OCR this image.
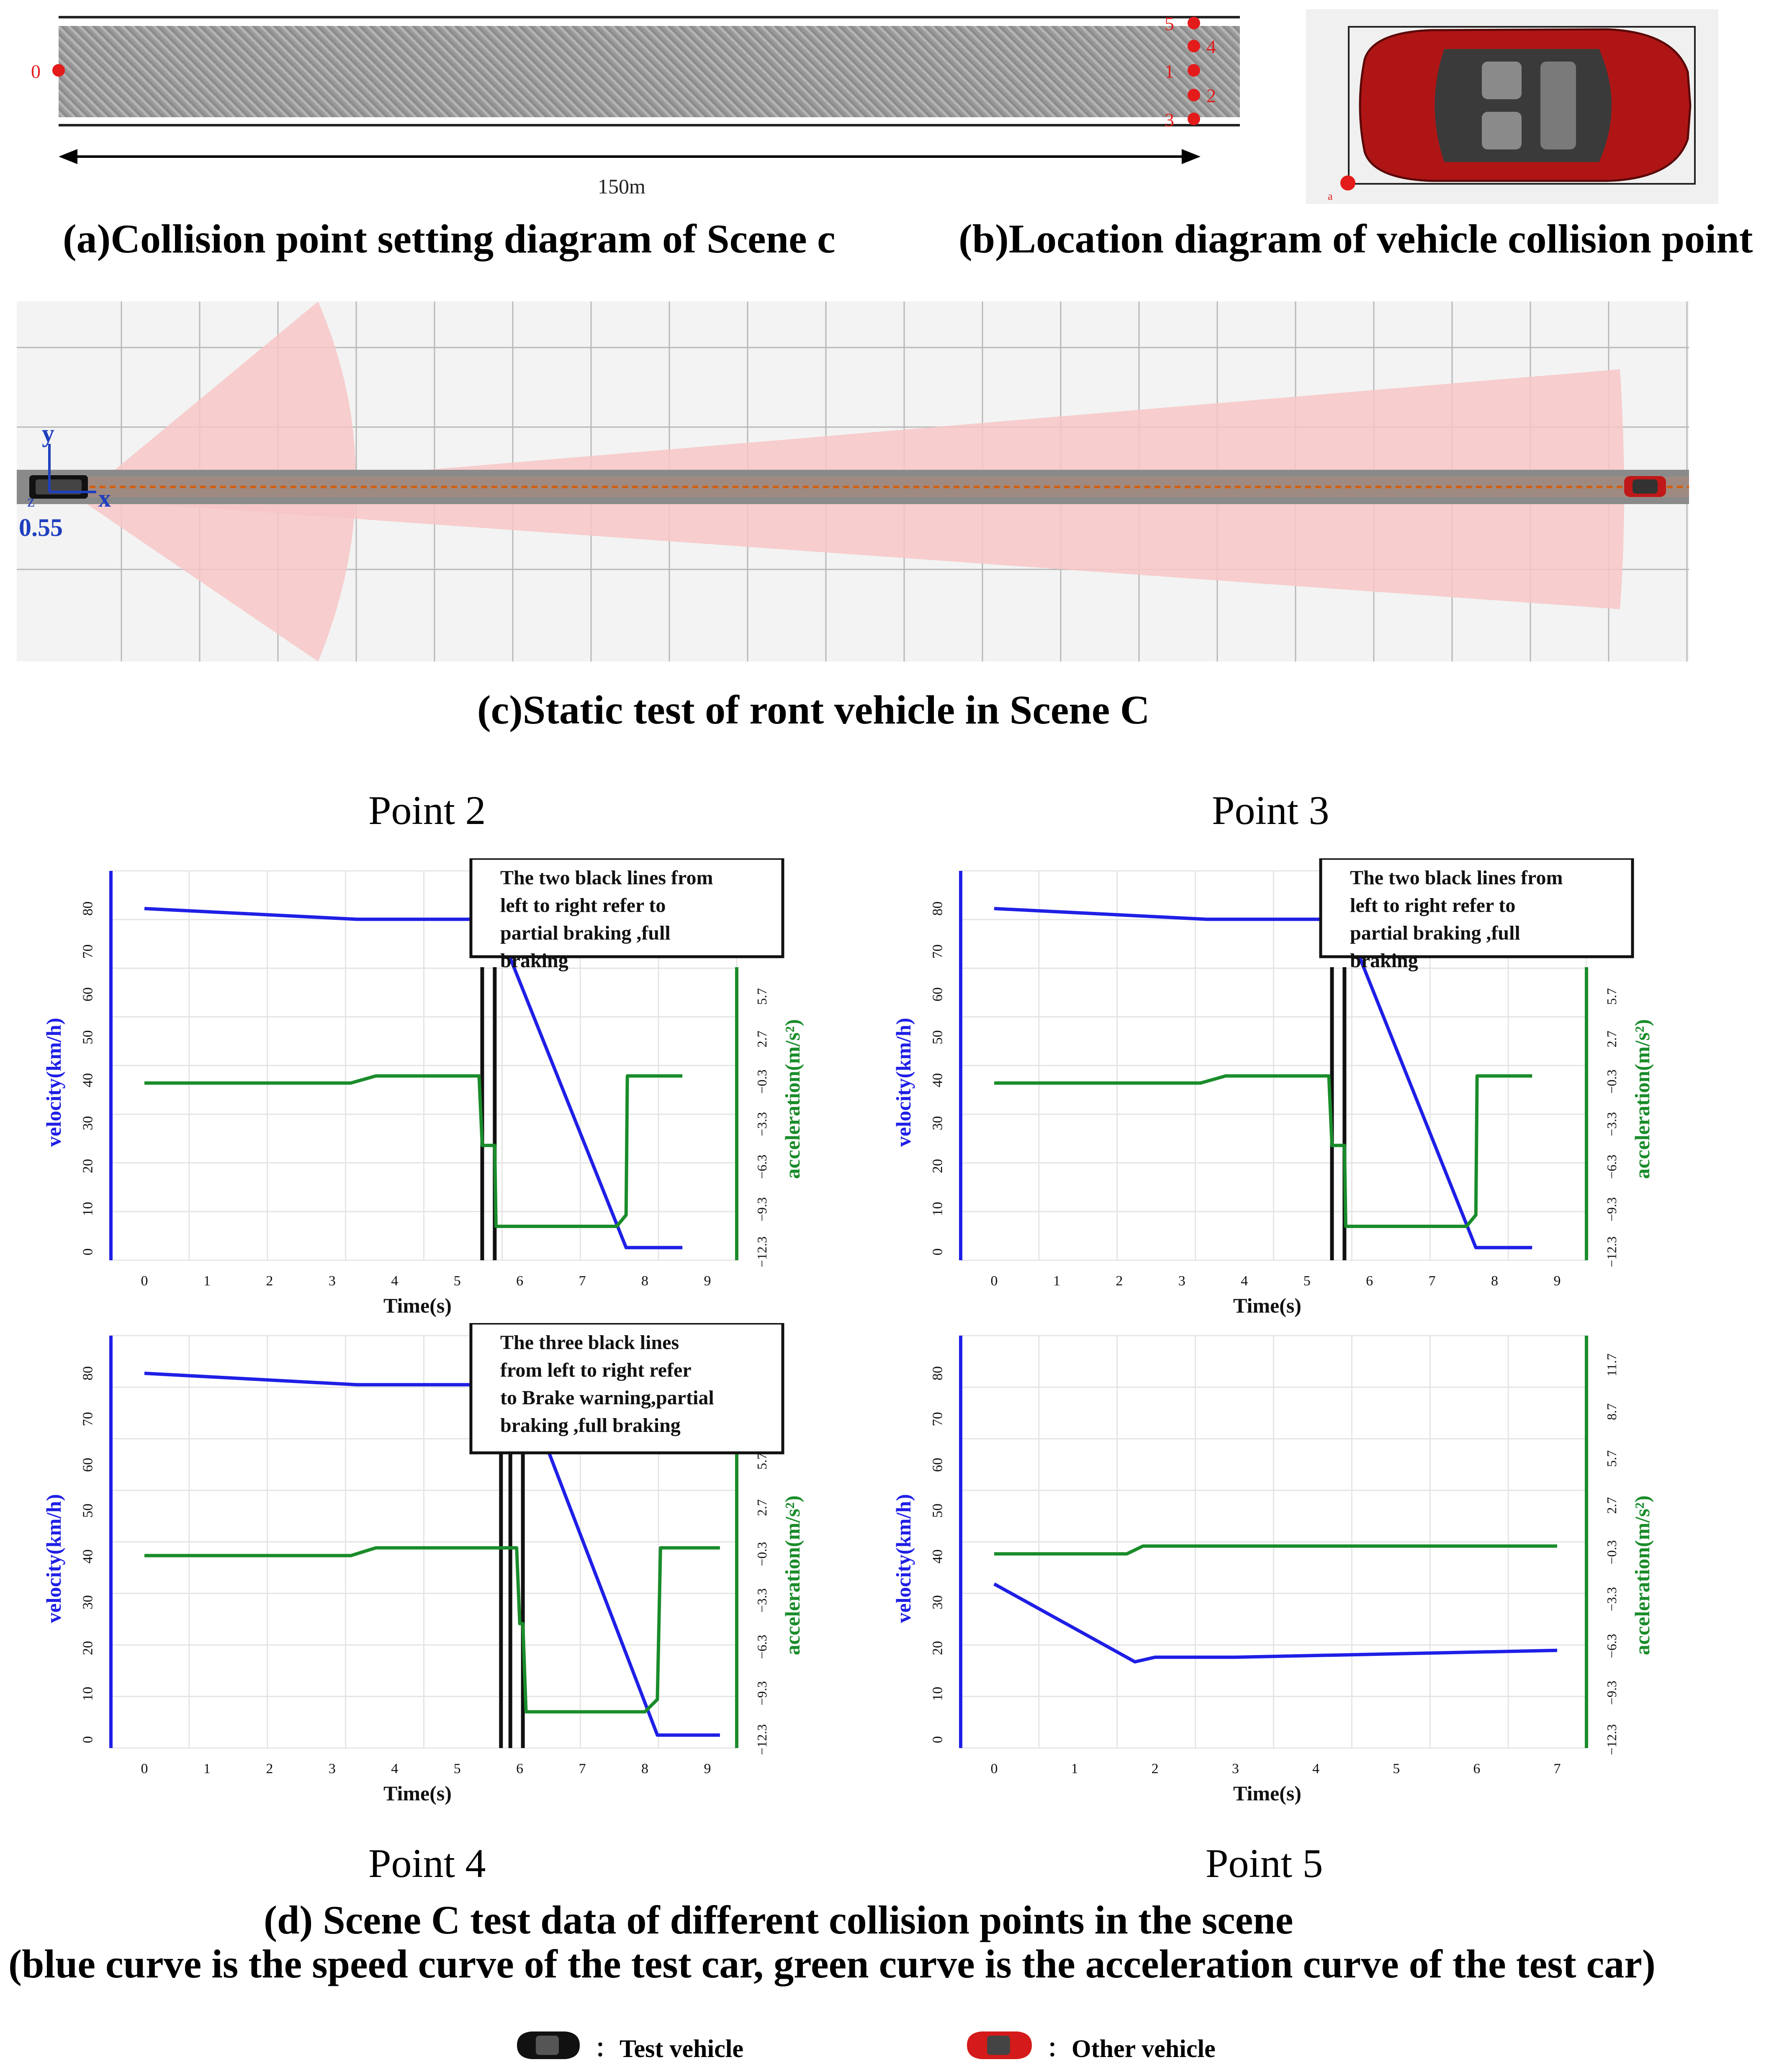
0
5
4
1
2
3
150m
(a)Collision point setting diagram of Scene c
a
(b)Location diagram of vehicle collision point
y
x
z
0.55
(c)Static test of ront vehicle in Scene C
Point 2	Point 3
Point 4	Point 5
0
10
20
30
40
50
60
70
80
velocity(km/h)
−12.3
−9.3
−6.3
−3.3
−0.3
2.7
5.7
acceleration(m/s²)
0	1	2	3	4	5	6	7	8	9
Time(s)
The two black lines from left to right refer to partial braking ,full braking
0
10
20
30
40
50
60
70
80
velocity(km/h)
−12.3
−9.3
−6.3
−3.3
−0.3
2.7
5.7
acceleration(m/s²)
0	1	2	3	4	5	6	7	8	9
Time(s)
The two black lines from left to right refer to partial braking ,full braking
0
10
20
30
40
50
60
70
80
velocity(km/h)
−12.3
−9.3
−6.3
−3.3
−0.3
2.7
5.7
acceleration(m/s²)
0	1	2	3	4	5	6	7	8	9
Time(s)
The three black lines from left to right refer to Brake warning,partial braking ,full braking
0
10
20
30
40
50
60
70
80
velocity(km/h)
−12.3
−9.3
−6.3
−3.3
−0.3
2.7
5.7
8.7
11.7
acceleration(m/s²)
0	1	2	3	4	5	6	7
Time(s)
(d) Scene C test data of different collision points in the scene
(blue curve is the speed curve of the test car, green curve is the acceleration curve of the test car)
：Test vehicle	：Other vehicle
